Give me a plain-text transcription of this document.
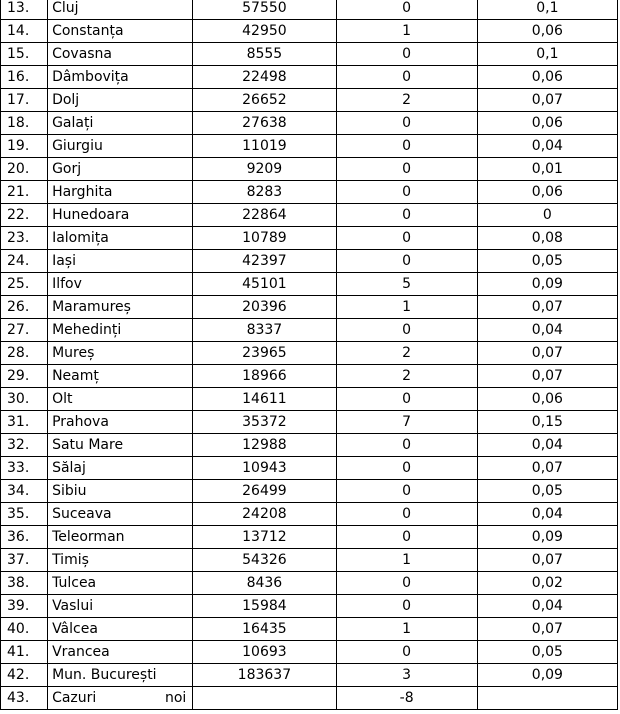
13.	Cluj	57550	0	0,1
14.	Constanța	42950	1	0,06
15.	Covasna	8555	0	0,1
16.	Dâmbovița	22498	0	0,06
17.	Dolj	26652	2	0,07
18.	Galați	27638	0	0,06
19.	Giurgiu	11019	0	0,04
20.	Gorj	9209	0	0,01
21.	Harghita	8283	0	0,06
22.	Hunedoara	22864	0	0
23.	Ialomița	10789	0	0,08
24.	Iași	42397	0	0,05
25.	Ilfov	45101	5	0,09
26.	Maramureș	20396	1	0,07
27.	Mehedinți	8337	0	0,04
28.	Mureș	23965	2	0,07
29.	Neamț	18966	2	0,07
30.	Olt	14611	0	0,06
31.	Prahova	35372	7	0,15
32.	Satu Mare	12988	0	0,04
33.	Sălaj	10943	0	0,07
34.	Sibiu	26499	0	0,05
35.	Suceava	24208	0	0,04
36.	Teleorman	13712	0	0,09
37.	Timiș	54326	1	0,07
38.	Tulcea	8436	0	0,02
39.	Vaslui	15984	0	0,04
40.	Vâlcea	16435	1	0,07
41.	Vrancea	10693	0	0,05
42.	Mun. București	183637	3	0,09
43.	Cazuri noi		-8	
